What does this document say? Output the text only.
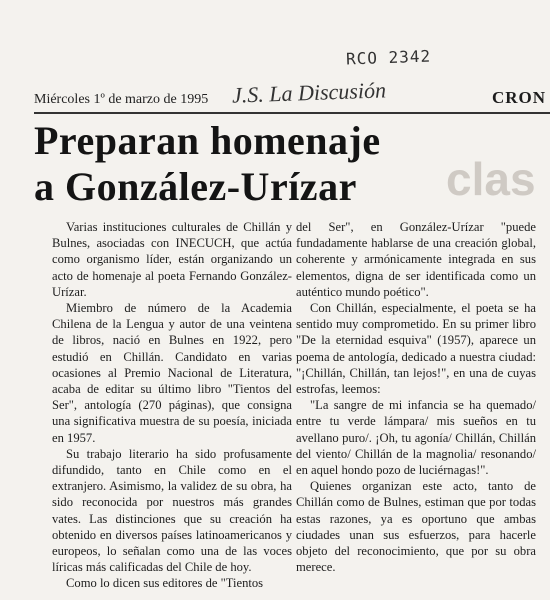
RCO 2342
Miércoles 1º de marzo de 1995 J.S. La Discusión	CRON
clas
Preparan homenaje
a González-Urízar

Varias instituciones culturales de Chillán y Bulnes, asociadas con INECUCH, que actúa como organismo líder, están organizando un acto de homenaje al poeta Fernando González-Urízar.

Miembro de número de la Academia Chilena de la Lengua y autor de una veintena de libros, nació en Bulnes en 1922, pero estudió en Chillán. Candidato en varias ocasiones al Premio Nacional de Literatura, acaba de editar su último libro "Tientos del Ser", antología (270 páginas), que consigna una significativa muestra de su poesía, iniciada en 1957.

Su trabajo literario ha sido profusamente difundido, tanto en Chile como en el extranjero. Asimismo, la validez de su obra, ha sido reconocida por nuestros más grandes vates. Las distinciones que su creación ha obtenido en diversos países latinoamericanos y europeos, lo señalan como una de las voces líricas más calificadas del Chile de hoy.

Como lo dicen sus editores de "Tientos

del Ser", en González-Urízar "puede fundadamente hablarse de una creación global, coherente y armónicamente integrada en sus elementos, digna de ser identificada como un auténtico mundo poético".

Con Chillán, especialmente, el poeta se ha sentido muy comprometido. En su primer libro "De la eternidad esquiva" (1957), aparece un poema de antología, dedicado a nuestra ciudad: "¡Chillán, Chillán, tan lejos!", en una de cuyas estrofas, leemos:

"La sangre de mi infancia se ha quemado/ entre tu verde lámpara/ mis sueños en tu avellano puro/. ¡Oh, tu agonía/ Chillán, Chillán del viento/ Chillán de la magnolia/ resonando/ en aquel hondo pozo de luciérnagas!".

Quienes organizan este acto, tanto de Chillán como de Bulnes, estiman que por todas estas razones, ya es oportuno que ambas ciudades unan sus esfuerzos, para hacerle objeto del reconocimiento, que por su obra merece.
